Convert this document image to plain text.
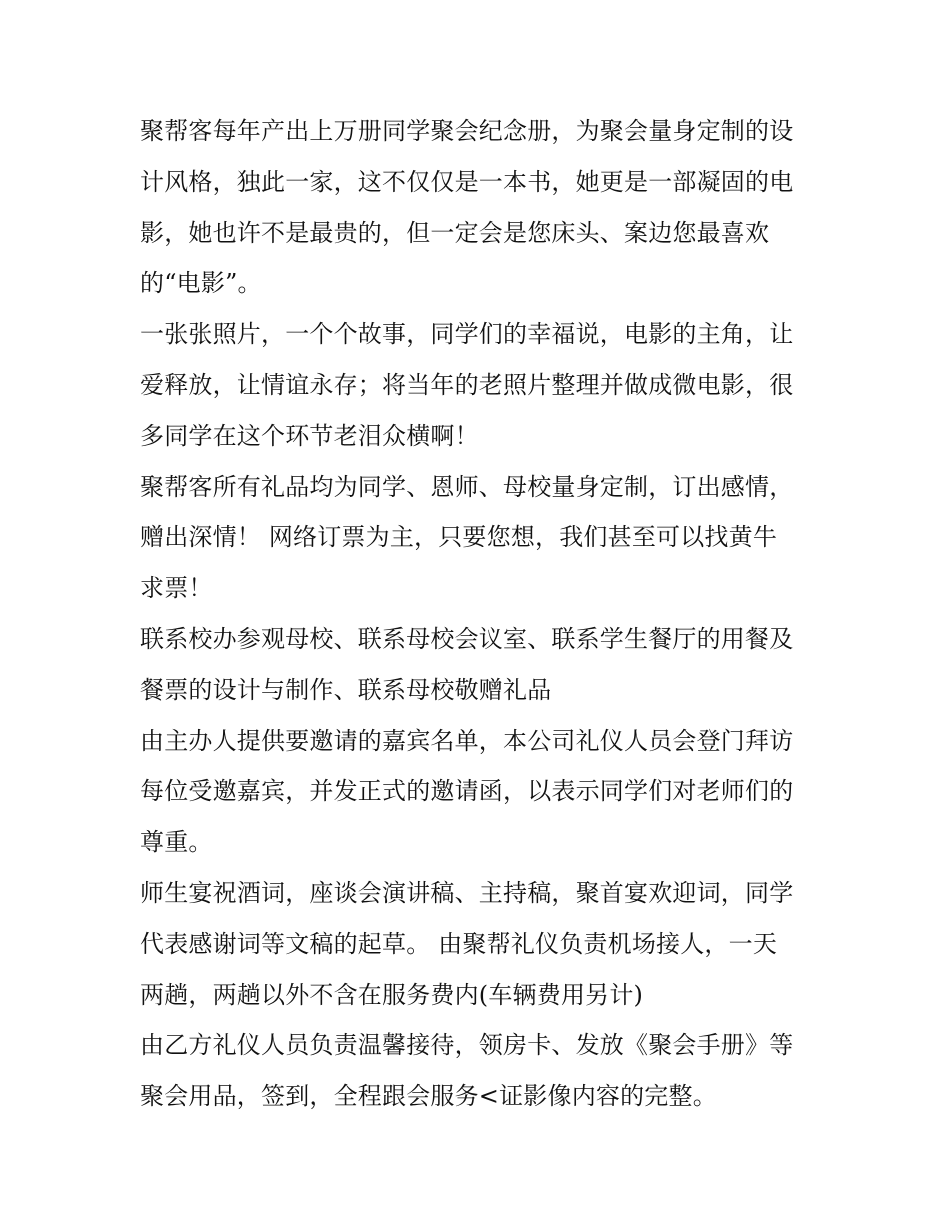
聚帮客每年产出上万册同学聚会纪念册，为聚会量身定制的设
计风格，独此一家，这不仅仅是一本书，她更是一部凝固的电
影，她也许不是最贵的，但一定会是您床头、案边您最喜欢
的“电影”。
一张张照片，一个个故事，同学们的幸福说，电影的主角，让
爱释放，让情谊永存；将当年的老照片整理并做成微电影，很
多同学在这个环节老泪众横啊！
聚帮客所有礼品均为同学、恩师、母校量身定制，订出感情，
赠出深情！ 网络订票为主，只要您想，我们甚至可以找黄牛
求票！
联系校办参观母校、联系母校会议室、联系学生餐厅的用餐及
餐票的设计与制作、联系母校敬赠礼品
由主办人提供要邀请的嘉宾名单，本公司礼仪人员会登门拜访
每位受邀嘉宾，并发正式的邀请函，以表示同学们对老师们的
尊重。
师生宴祝酒词，座谈会演讲稿、主持稿，聚首宴欢迎词，同学
代表感谢词等文稿的起草。 由聚帮礼仪负责机场接人，一天
两趟，两趟以外不含在服务费内(车辆费用另计)
由乙方礼仪人员负责温馨接待，领房卡、发放《聚会手册》等
聚会用品，签到，全程跟会服务<证影像内容的完整。
